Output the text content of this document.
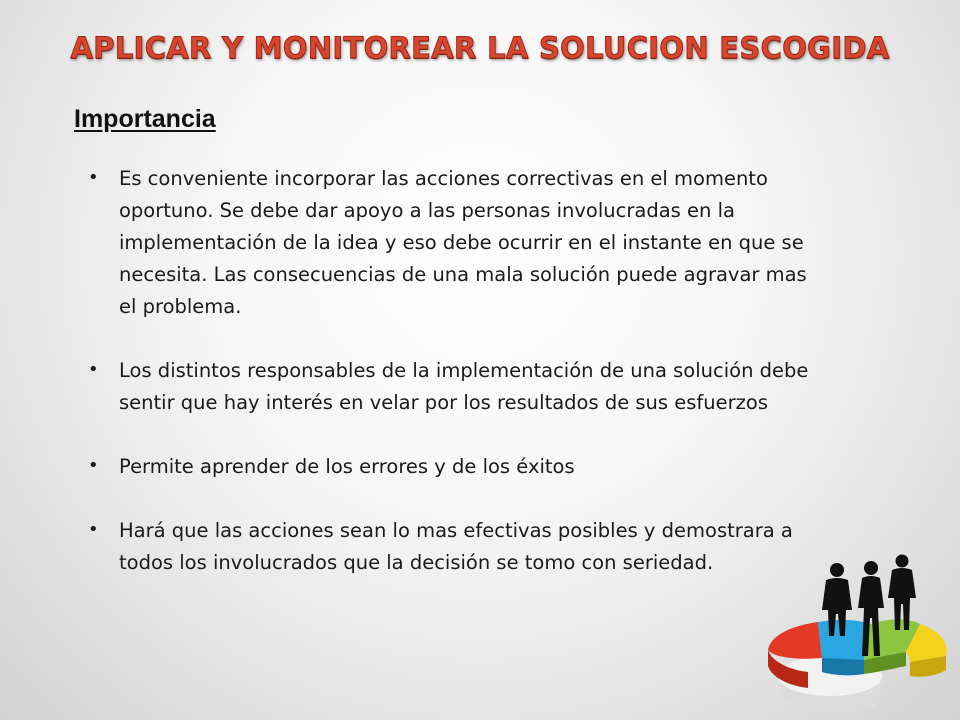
APLICAR Y MONITOREAR LA SOLUCION ESCOGIDA
Importancia
• Es conveniente incorporar las acciones correctivas en el momento oportuno. Se debe dar apoyo a las personas involucradas en la implementación de la idea y eso debe ocurrir en el instante en que se necesita. Las consecuencias de una mala solución puede agravar mas el problema.
• Los distintos responsables de la implementación de una solución debe sentir que hay interés en velar por los resultados de sus esfuerzos
• Permite aprender de los errores y de los éxitos
• Hará que las acciones sean lo mas efectivas posibles y demostrara a todos los involucrados que la decisión se tomo con seriedad.
